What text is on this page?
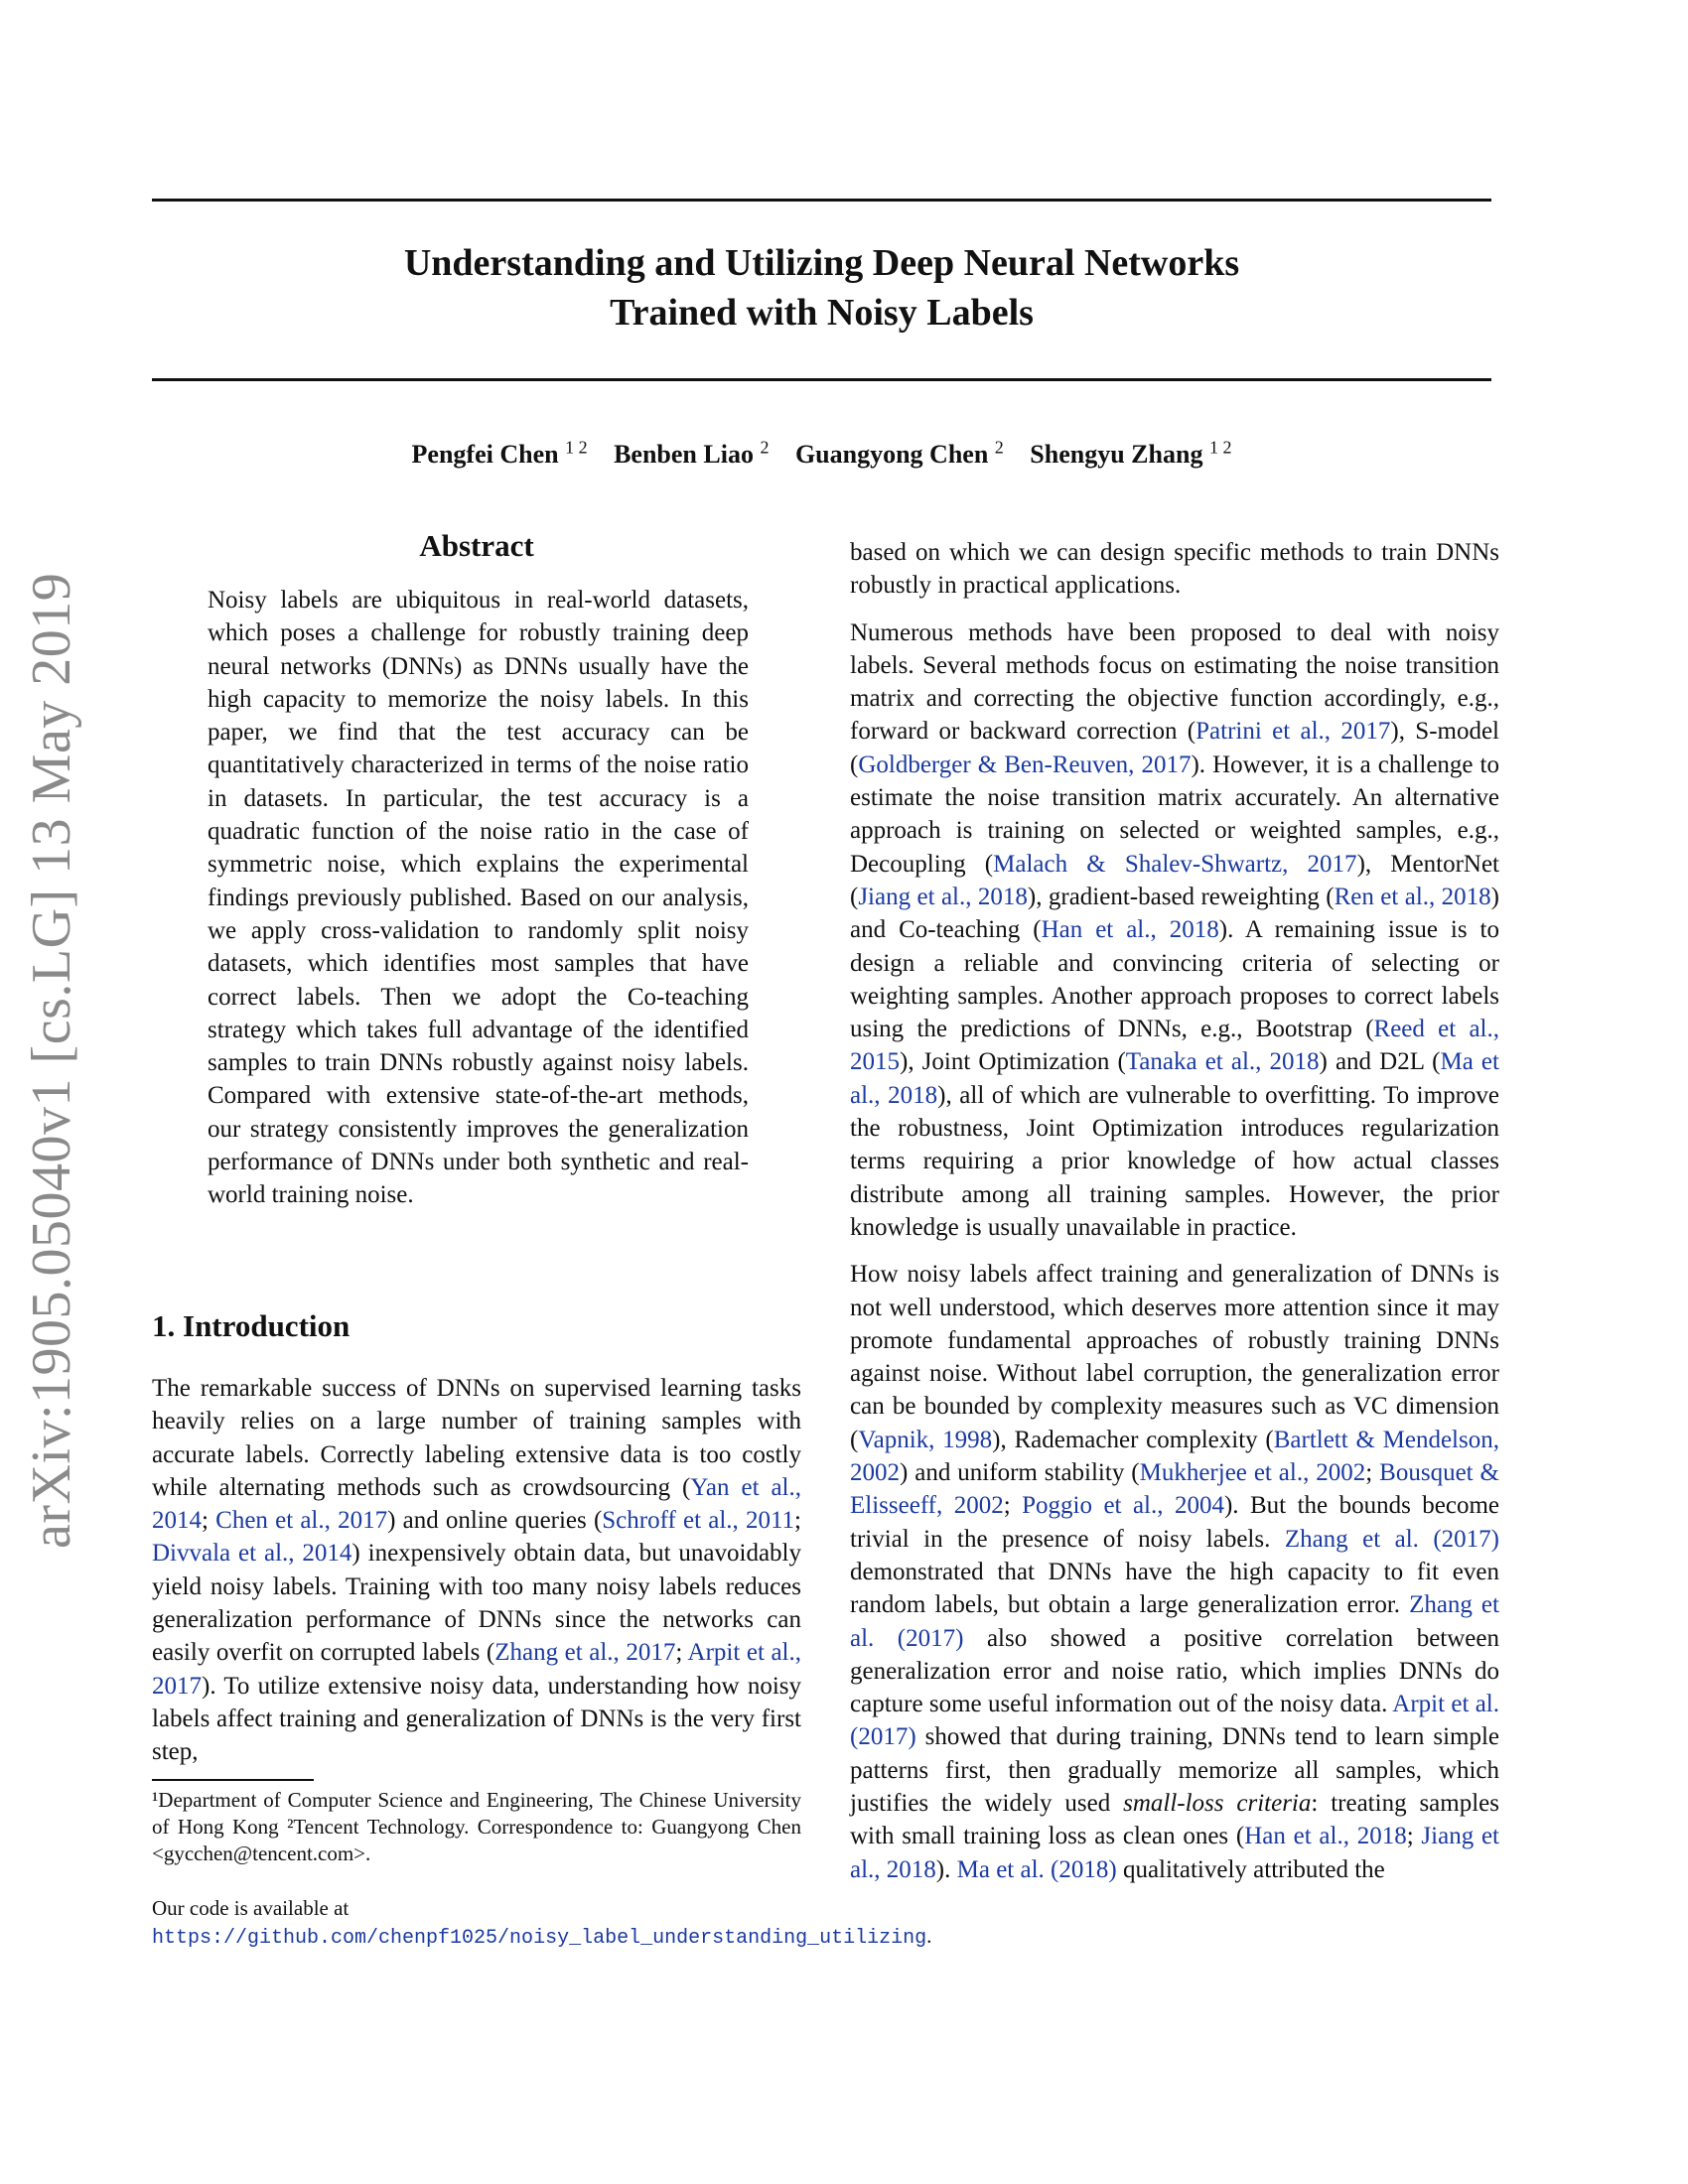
Understanding and Utilizing Deep Neural Networks
Trained with Noisy Labels
Pengfei Chen $^{1 2}$ Benben Liao $^2$ Guangyong Chen $^2$ Shengyu Zhang $^{1 2}$
arXiv:1905.05040v1 [cs.LG] 13 May 2019
Abstract
Noisy labels are ubiquitous in real-world datasets, which poses a challenge for robustly training deep neural networks (DNNs) as DNNs usually have the high capacity to memorize the noisy labels. In this paper, we find that the test accuracy can be quantitatively characterized in terms of the noise ratio in datasets. In particular, the test accuracy is a quadratic function of the noise ratio in the case of symmetric noise, which explains the experimental findings previously published. Based on our analysis, we apply cross-validation to randomly split noisy datasets, which identifies most samples that have correct labels. Then we adopt the Co-teaching strategy which takes full advantage of the identified samples to train DNNs robustly against noisy labels. Compared with extensive state-of-the-art methods, our strategy consistently improves the generalization performance of DNNs under both synthetic and real-world training noise.
1. Introduction
The remarkable success of DNNs on supervised learning tasks heavily relies on a large number of training samples with accurate labels. Correctly labeling extensive data is too costly while alternating methods such as crowdsourcing (Yan et al., 2014; Chen et al., 2017) and online queries (Schroff et al., 2011; Divvala et al., 2014) inexpensively obtain data, but unavoidably yield noisy labels. Training with too many noisy labels reduces generalization performance of DNNs since the networks can easily overfit on corrupted labels (Zhang et al., 2017; Arpit et al., 2017). To utilize extensive noisy data, understanding how noisy labels affect training and generalization of DNNs is the very first step,
¹Department of Computer Science and Engineering, The Chinese University of Hong Kong ²Tencent Technology. Correspondence to: Guangyong Chen <gycchen@tencent.com>.
Our code is available at https://github.com/chenpf1025/noisy_label_understanding_utilizing.

based on which we can design specific methods to train DNNs robustly in practical applications.

Numerous methods have been proposed to deal with noisy labels. Several methods focus on estimating the noise transition matrix and correcting the objective function accordingly, e.g., forward or backward correction (Patrini et al., 2017), S-model (Goldberger & Ben-Reuven, 2017). However, it is a challenge to estimate the noise transition matrix accurately. An alternative approach is training on selected or weighted samples, e.g., Decoupling (Malach & Shalev-Shwartz, 2017), MentorNet (Jiang et al., 2018), gradient-based reweighting (Ren et al., 2018) and Co-teaching (Han et al., 2018). A remaining issue is to design a reliable and convincing criteria of selecting or weighting samples. Another approach proposes to correct labels using the predictions of DNNs, e.g., Bootstrap (Reed et al., 2015), Joint Optimization (Tanaka et al., 2018) and D2L (Ma et al., 2018), all of which are vulnerable to overfitting. To improve the robustness, Joint Optimization introduces regularization terms requiring a prior knowledge of how actual classes distribute among all training samples. However, the prior knowledge is usually unavailable in practice.

How noisy labels affect training and generalization of DNNs is not well understood, which deserves more attention since it may promote fundamental approaches of robustly training DNNs against noise. Without label corruption, the generalization error can be bounded by complexity measures such as VC dimension (Vapnik, 1998), Rademacher complexity (Bartlett & Mendelson, 2002) and uniform stability (Mukherjee et al., 2002; Bousquet & Elisseeff, 2002; Poggio et al., 2004). But the bounds become trivial in the presence of noisy labels. Zhang et al. (2017) demonstrated that DNNs have the high capacity to fit even random labels, but obtain a large generalization error. Zhang et al. (2017) also showed a positive correlation between generalization error and noise ratio, which implies DNNs do capture some useful information out of the noisy data. Arpit et al. (2017) showed that during training, DNNs tend to learn simple patterns first, then gradually memorize all samples, which justifies the widely used small-loss criteria: treating samples with small training loss as clean ones (Han et al., 2018; Jiang et al., 2018). Ma et al. (2018) qualitatively attributed the
